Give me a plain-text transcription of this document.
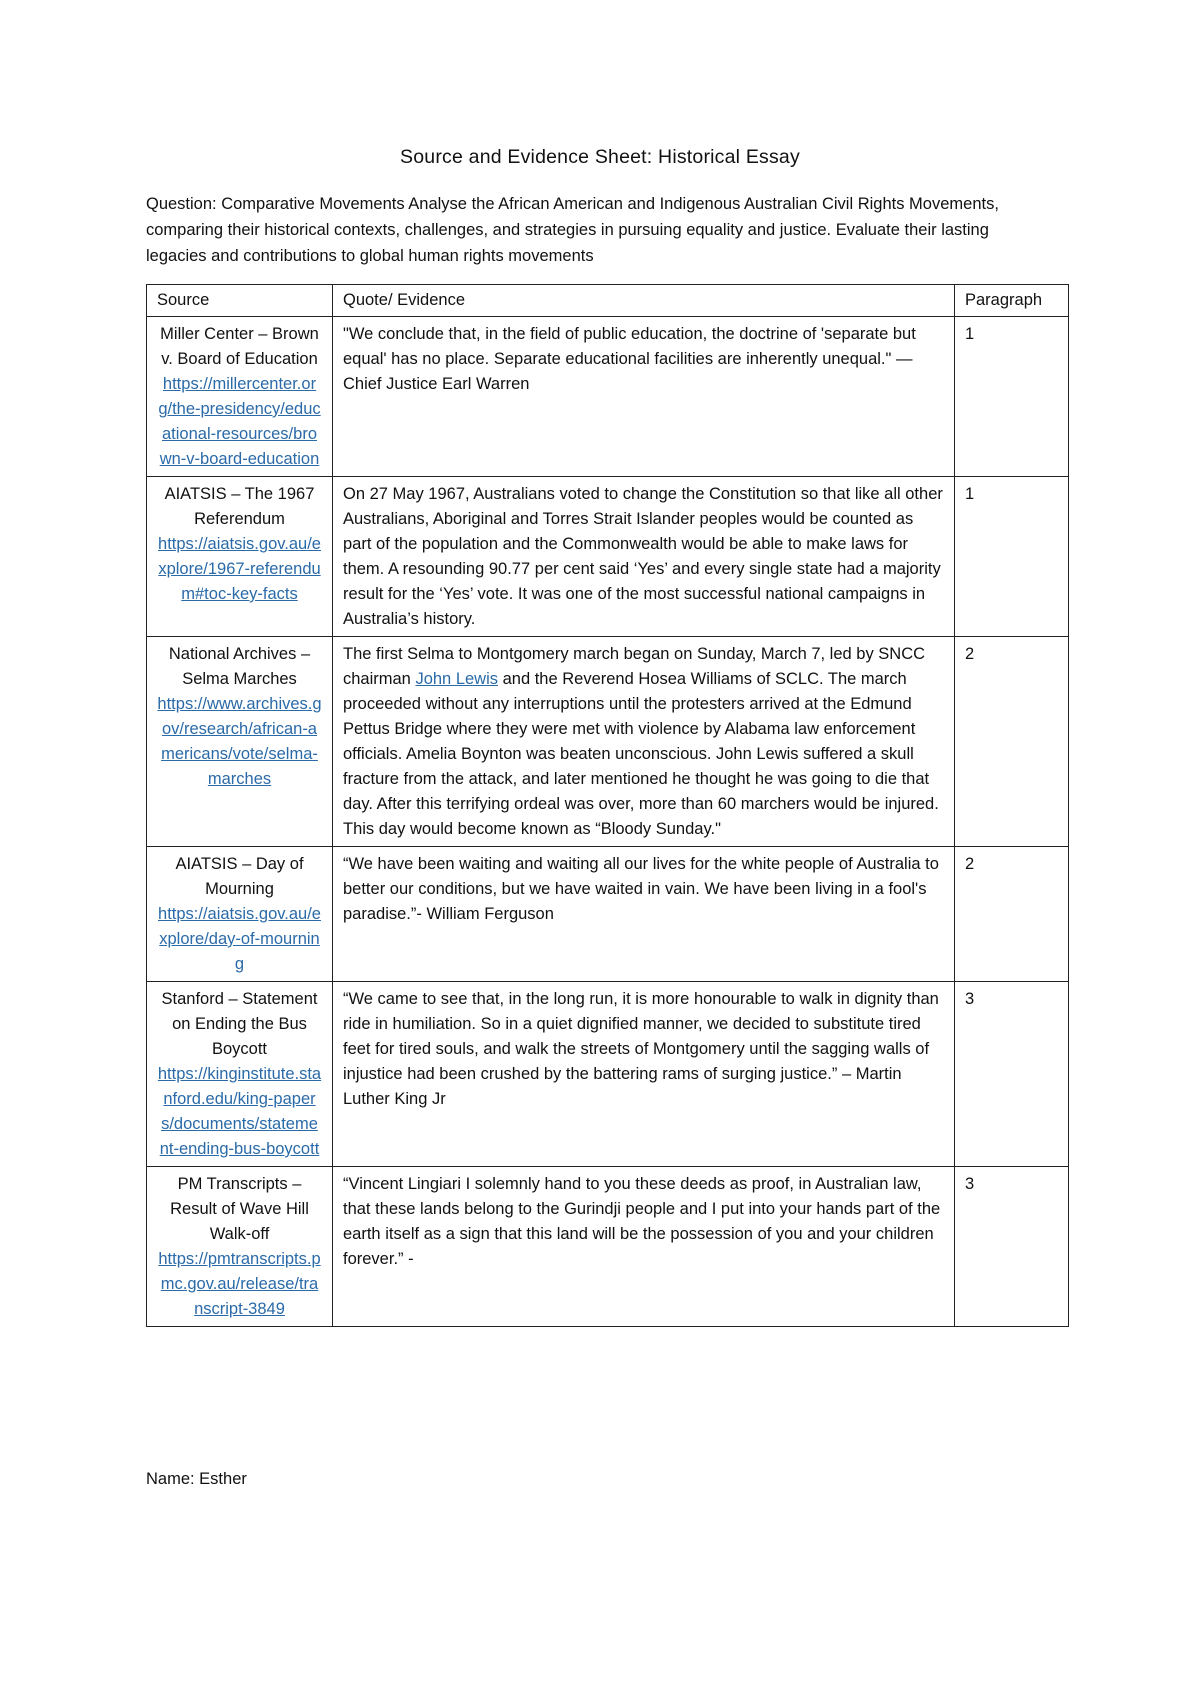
Source and Evidence Sheet: Historical Essay
Question: Comparative Movements Analyse the African American and Indigenous Australian Civil Rights Movements, comparing their historical contexts, challenges, and strategies in pursuing equality and justice. Evaluate their lasting legacies and contributions to global human rights movements
Source	Quote/ Evidence	Paragraph

Miller Center – Brown v. Board of Education
https://millercenter.org/the-presidency/educational-resources/brown-v-board-education	"We conclude that, in the field of public education, the doctrine of 'separate but equal' has no place. Separate educational facilities are inherently unequal." — Chief Justice Earl Warren	1

AIATSIS – The 1967 Referendum
https://aiatsis.gov.au/explore/1967-referendum#toc-key-facts	On 27 May 1967, Australians voted to change the Constitution so that like all other Australians, Aboriginal and Torres Strait Islander peoples would be counted as part of the population and the Commonwealth would be able to make laws for them. A resounding 90.77 per cent said ‘Yes’ and every single state had a majority result for the ‘Yes’ vote. It was one of the most successful national campaigns in Australia’s history.	1

National Archives – Selma Marches
https://www.archives.gov/research/african-americans/vote/selma-marches	The first Selma to Montgomery march began on Sunday, March 7, led by SNCC chairman John Lewis and the Reverend Hosea Williams of SCLC. The march proceeded without any interruptions until the protesters arrived at the Edmund Pettus Bridge where they were met with violence by Alabama law enforcement officials. Amelia Boynton was beaten unconscious. John Lewis suffered a skull fracture from the attack, and later mentioned he thought he was going to die that day. After this terrifying ordeal was over, more than 60 marchers would be injured. This day would become known as “Bloody Sunday."	2

AIATSIS – Day of Mourning
https://aiatsis.gov.au/explore/day-of-mourning	“We have been waiting and waiting all our lives for the white people of Australia to better our conditions, but we have waited in vain. We have been living in a fool's paradise.”- William Ferguson	2

Stanford – Statement on Ending the Bus Boycott
https://kinginstitute.stanford.edu/king-papers/documents/statement-ending-bus-boycott	“We came to see that, in the long run, it is more honourable to walk in dignity than ride in humiliation. So in a quiet dignified manner, we decided to substitute tired feet for tired souls, and walk the streets of Montgomery until the sagging walls of injustice had been crushed by the battering rams of surging justice.” – Martin Luther King Jr	3

PM Transcripts – Result of Wave Hill Walk-off
https://pmtranscripts.pmc.gov.au/release/transcript-3849	“Vincent Lingiari I solemnly hand to you these deeds as proof, in Australian law, that these lands belong to the Gurindji people and I put into your hands part of the earth itself as a sign that this land will be the possession of you and your children forever.” -	3
Name: Esther
